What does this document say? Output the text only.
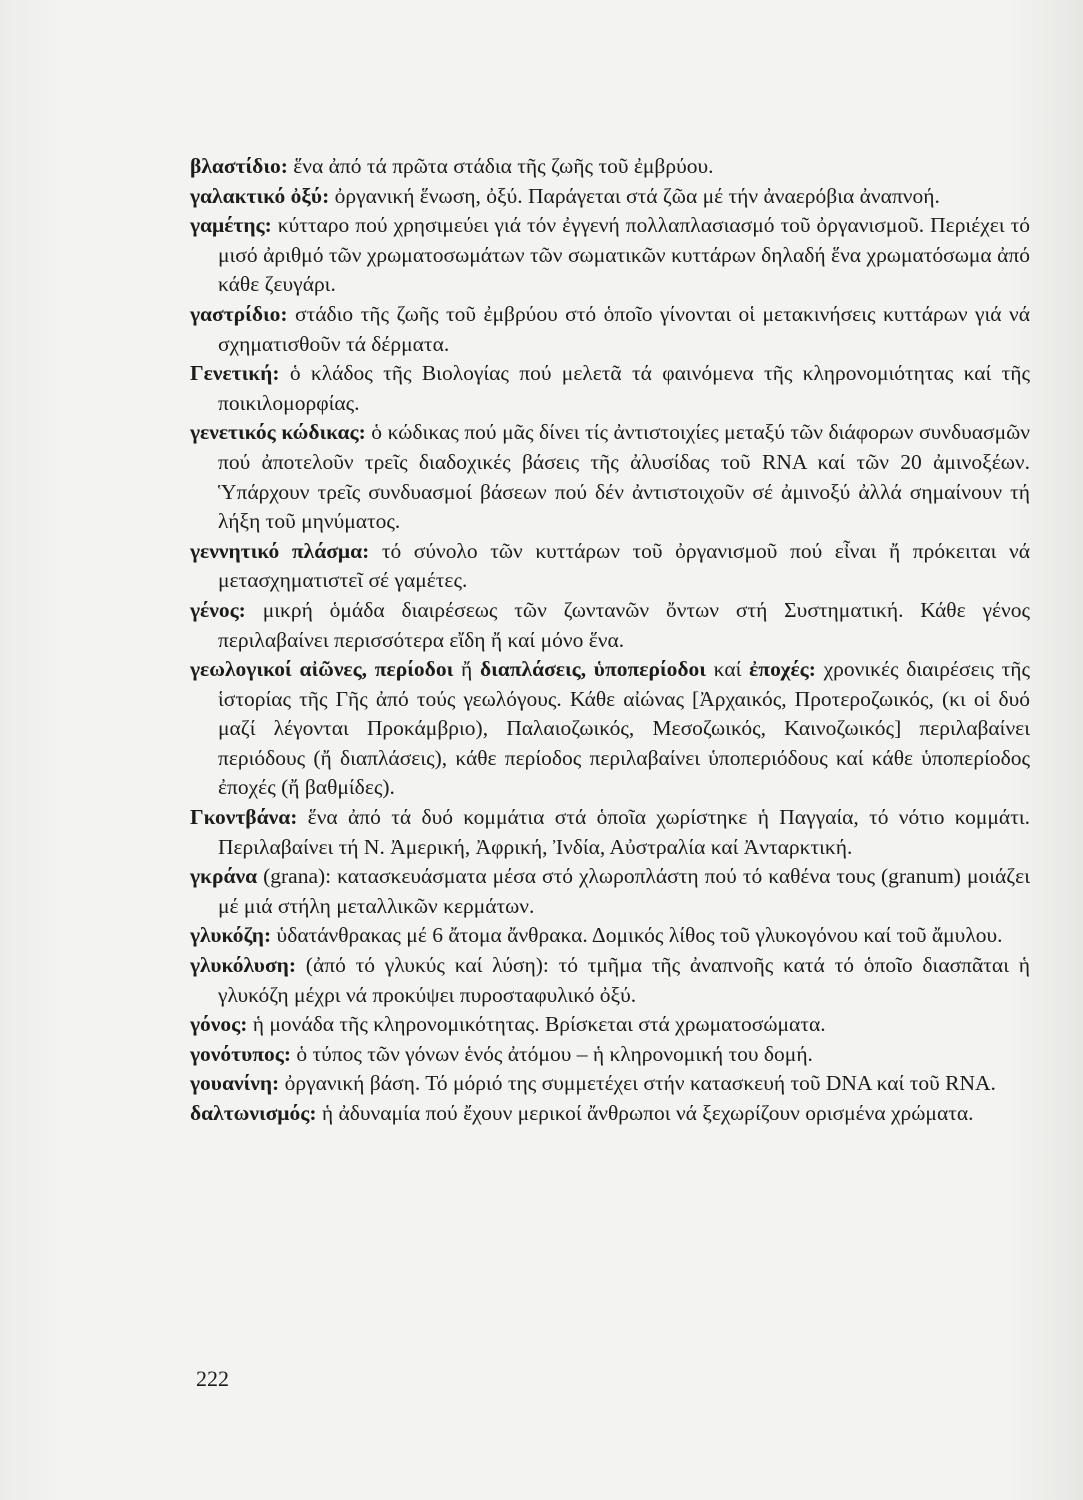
βλαστίδιο: ἕνα ἀπό τά πρῶτα στάδια τῆς ζωῆς τοῦ ἐμβρύου.

γαλακτικό ὀξύ: ὀργανική ἕνωση, ὀξύ. Παράγεται στά ζῶα μέ τήν ἀναερόβια ἀναπνοή.

γαμέτης: κύτταρο πού χρησιμεύει γιά τόν ἐγγενή πολλαπλασιασμό τοῦ ὀργανισμοῦ. Περιέχει τό μισό ἀριθμό τῶν χρωματοσωμάτων τῶν σωματικῶν κυττάρων δηλαδή ἕνα χρωματόσωμα ἀπό κάθε ζευγάρι.

γαστρίδιο: στάδιο τῆς ζωῆς τοῦ ἐμβρύου στό ὁποῖο γίνονται οἱ μετακινήσεις κυττάρων γιά νά σχηματισθοῦν τά δέρματα.

Γενετική: ὁ κλάδος τῆς Βιολογίας πού μελετᾶ τά φαινόμενα τῆς κληρονομιότητας καί τῆς ποικιλομορφίας.

γενετικός κώδικας: ὁ κώδικας πού μᾶς δίνει τίς ἀντιστοιχίες μεταξύ τῶν διάφορων συνδυασμῶν πού ἀποτελοῦν τρεῖς διαδοχικές βάσεις τῆς ἀλυσίδας τοῦ RNA καί τῶν 20 ἀμινοξέων. Ὑπάρχουν τρεῖς συνδυασμοί βάσεων πού δέν ἀντιστοιχοῦν σέ ἀμινοξύ ἀλλά σημαίνουν τή λήξη τοῦ μηνύματος.

γεννητικό πλάσμα: τό σύνολο τῶν κυττάρων τοῦ ὀργανισμοῦ πού εἶναι ἤ πρόκειται νά μετασχηματιστεῖ σέ γαμέτες.

γένος: μικρή ὁμάδα διαιρέσεως τῶν ζωντανῶν ὄντων στή Συστηματική. Κάθε γένος περιλαβαίνει περισσότερα εἴδη ἤ καί μόνο ἕνα.

γεωλογικοί αἰῶνες, περίοδοι ἤ διαπλάσεις, ὑποπερίοδοι καί ἐποχές: χρονικές διαιρέσεις τῆς ἱστορίας τῆς Γῆς ἀπό τούς γεωλόγους. Κάθε αἰώνας [Ἀρχαικός, Προτεροζωικός, (κι οἱ δυό μαζί λέγονται Προκάμβριο), Παλαιοζωικός, Μεσοζωικός, Καινοζωικός] περιλαβαίνει περιόδους (ἤ διαπλάσεις), κάθε περίοδος περιλαβαίνει ὑποπεριόδους καί κάθε ὑποπερίοδος ἐποχές (ἤ βαθμίδες).

Γκοντβάνα: ἕνα ἀπό τά δυό κομμάτια στά ὁποῖα χωρίστηκε ἡ Παγγαία, τό νότιο κομμάτι. Περιλαβαίνει τή Ν. Ἀμερική, Ἀφρική, Ἰνδία, Αὐστραλία καί Ἀνταρκτική.

γκράνα (grana): κατασκευάσματα μέσα στό χλωροπλάστη πού τό καθένα τους (granum) μοιάζει μέ μιά στήλη μεταλλικῶν κερμάτων.

γλυκόζη: ὑδατάνθρακας μέ 6 ἄτομα ἄνθρακα. Δομικός λίθος τοῦ γλυκογόνου καί τοῦ ἄμυλου.

γλυκόλυση: (ἀπό τό γλυκύς καί λύση): τό τμῆμα τῆς ἀναπνοῆς κατά τό ὁποῖο διασπᾶται ἡ γλυκόζη μέχρι νά προκύψει πυροσταφυλικό ὀξύ.

γόνος: ἡ μονάδα τῆς κληρονομικότητας. Βρίσκεται στά χρωματοσώματα.

γονότυπος: ὁ τύπος τῶν γόνων ἑνός ἀτόμου – ἡ κληρονομική του δομή.

γουανίνη: ὀργανική βάση. Τό μόριό της συμμετέχει στήν κατασκευή τοῦ DNA καί τοῦ RNA.

δαλτωνισμός: ἡ ἀδυναμία πού ἔχουν μερικοί ἄνθρωποι νά ξεχωρίζουν ορισμένα χρώματα.

222
